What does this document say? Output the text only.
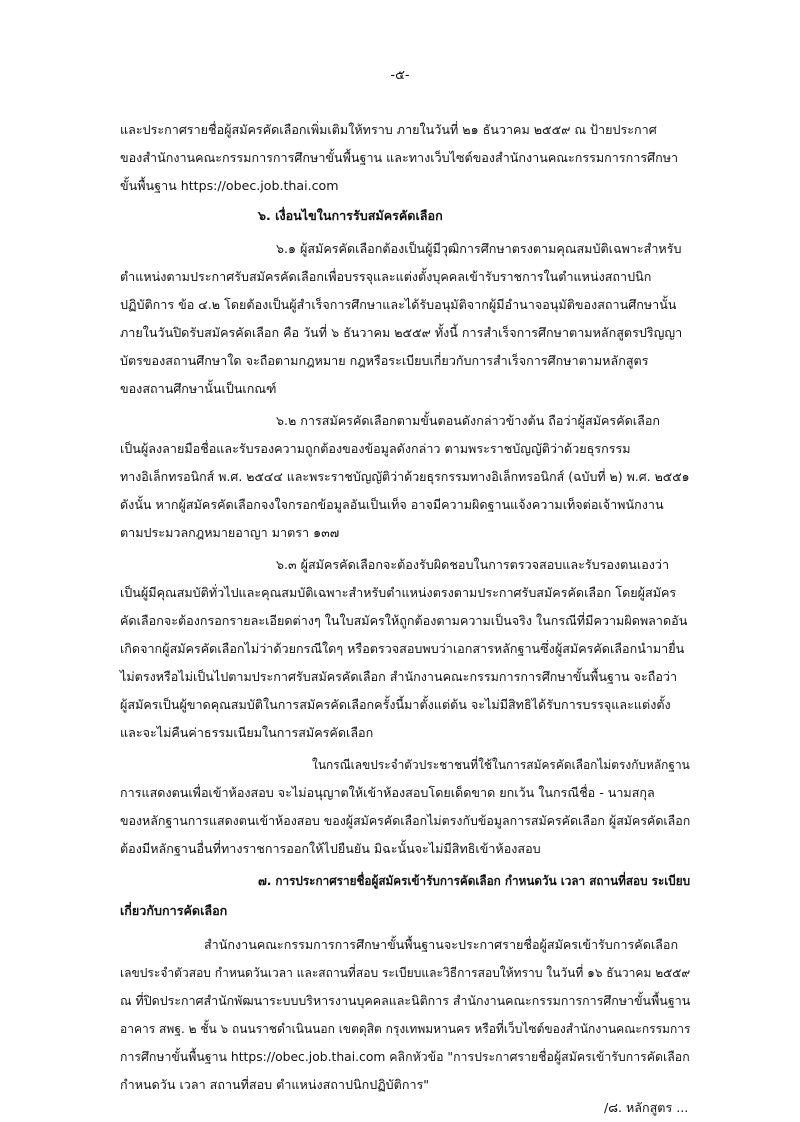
-๕-
และประกาศรายชื่อผู้สมัครคัดเลือกเพิ่มเติมให้ทราบ ภายในวันที่ ๒๑ ธันวาคม ๒๕๕๙ ณ ป้ายประกาศ
ของสำนักงานคณะกรรมการการศึกษาขั้นพื้นฐาน และทางเว็บไซต์ของสำนักงานคณะกรรมการการศึกษา
ขั้นพื้นฐาน https://obec.job.thai.com
๖. เงื่อนไขในการรับสมัครคัดเลือก
๖.๑ ผู้สมัครคัดเลือกต้องเป็นผู้มีวุฒิการศึกษาตรงตามคุณสมบัติเฉพาะสำหรับ
ตำแหน่งตามประกาศรับสมัครคัดเลือกเพื่อบรรจุและแต่งตั้งบุคคลเข้ารับราชการในตำแหน่งสถาปนิก
ปฏิบัติการ ข้อ ๔.๒ โดยต้องเป็นผู้สำเร็จการศึกษาและได้รับอนุมัติจากผู้มีอำนาจอนุมัติของสถานศึกษานั้น
ภายในวันปิดรับสมัครคัดเลือก คือ วันที่ ๖ ธันวาคม ๒๕๕๙ ทั้งนี้ การสำเร็จการศึกษาตามหลักสูตรปริญญา
บัตรของสถานศึกษาใด จะถือตามกฎหมาย กฎหรือระเบียบเกี่ยวกับการสำเร็จการศึกษาตามหลักสูตร
ของสถานศึกษานั้นเป็นเกณฑ์
๖.๒ การสมัครคัดเลือกตามขั้นตอนดังกล่าวข้างต้น ถือว่าผู้สมัครคัดเลือก
เป็นผู้ลงลายมือชื่อและรับรองความถูกต้องของข้อมูลดังกล่าว ตามพระราชบัญญัติว่าด้วยธุรกรรม
ทางอิเล็กทรอนิกส์ พ.ศ. ๒๕๔๔ และพระราชบัญญัติว่าด้วยธุรกรรมทางอิเล็กทรอนิกส์ (ฉบับที่ ๒) พ.ศ. ๒๕๕๑
ดังนั้น หากผู้สมัครคัดเลือกจงใจกรอกข้อมูลอันเป็นเท็จ อาจมีความผิดฐานแจ้งความเท็จต่อเจ้าพนักงาน
ตามประมวลกฎหมายอาญา มาตรา ๑๓๗
๖.๓ ผู้สมัครคัดเลือกจะต้องรับผิดชอบในการตรวจสอบและรับรองตนเองว่า
เป็นผู้มีคุณสมบัติทั่วไปและคุณสมบัติเฉพาะสำหรับตำแหน่งตรงตามประกาศรับสมัครคัดเลือก โดยผู้สมัคร
คัดเลือกจะต้องกรอกรายละเอียดต่างๆ ในใบสมัครให้ถูกต้องตามความเป็นจริง ในกรณีที่มีความผิดพลาดอัน
เกิดจากผู้สมัครคัดเลือกไม่ว่าด้วยกรณีใดๆ หรือตรวจสอบพบว่าเอกสารหลักฐานซึ่งผู้สมัครคัดเลือกนำมายื่น
ไม่ตรงหรือไม่เป็นไปตามประกาศรับสมัครคัดเลือก สำนักงานคณะกรรมการการศึกษาขั้นพื้นฐาน จะถือว่า
ผู้สมัครเป็นผู้ขาดคุณสมบัติในการสมัครคัดเลือกครั้งนี้มาตั้งแต่ต้น จะไม่มีสิทธิได้รับการบรรจุและแต่งตั้ง
และจะไม่คืนค่าธรรมเนียมในการสมัครคัดเลือก
ในกรณีเลขประจำตัวประชาชนที่ใช้ในการสมัครคัดเลือกไม่ตรงกับหลักฐาน
การแสดงตนเพื่อเข้าห้องสอบ จะไม่อนุญาตให้เข้าห้องสอบโดยเด็ดขาด ยกเว้น ในกรณีชื่อ - นามสกุล
ของหลักฐานการแสดงตนเข้าห้องสอบ ของผู้สมัครคัดเลือกไม่ตรงกับข้อมูลการสมัครคัดเลือก ผู้สมัครคัดเลือก
ต้องมีหลักฐานอื่นที่ทางราชการออกให้ไปยืนยัน มิฉะนั้นจะไม่มีสิทธิเข้าห้องสอบ
๗. การประกาศรายชื่อผู้สมัครเข้ารับการคัดเลือก กำหนดวัน เวลา สถานที่สอบ ระเบียบ
เกี่ยวกับการคัดเลือก
สำนักงานคณะกรรมการการศึกษาขั้นพื้นฐานจะประกาศรายชื่อผู้สมัครเข้ารับการคัดเลือก
เลขประจำตัวสอบ กำหนดวันเวลา และสถานที่สอบ ระเบียบและวิธีการสอบให้ทราบ ในวันที่ ๑๖ ธันวาคม ๒๕๕๙
ณ ที่ปิดประกาศสำนักพัฒนาระบบบริหารงานบุคคลและนิติการ สำนักงานคณะกรรมการการศึกษาขั้นพื้นฐาน
อาคาร สพฐ. ๒ ชั้น ๖ ถนนราชดำเนินนอก เขตดุสิต กรุงเทพมหานคร หรือที่เว็บไซต์ของสำนักงานคณะกรรมการ
การศึกษาขั้นพื้นฐาน https://obec.job.thai.com คลิกหัวข้อ "การประกาศรายชื่อผู้สมัครเข้ารับการคัดเลือก
กำหนดวัน เวลา สถานที่สอบ ตำแหน่งสถาปนิกปฏิบัติการ"
/๘. หลักสูตร ...
